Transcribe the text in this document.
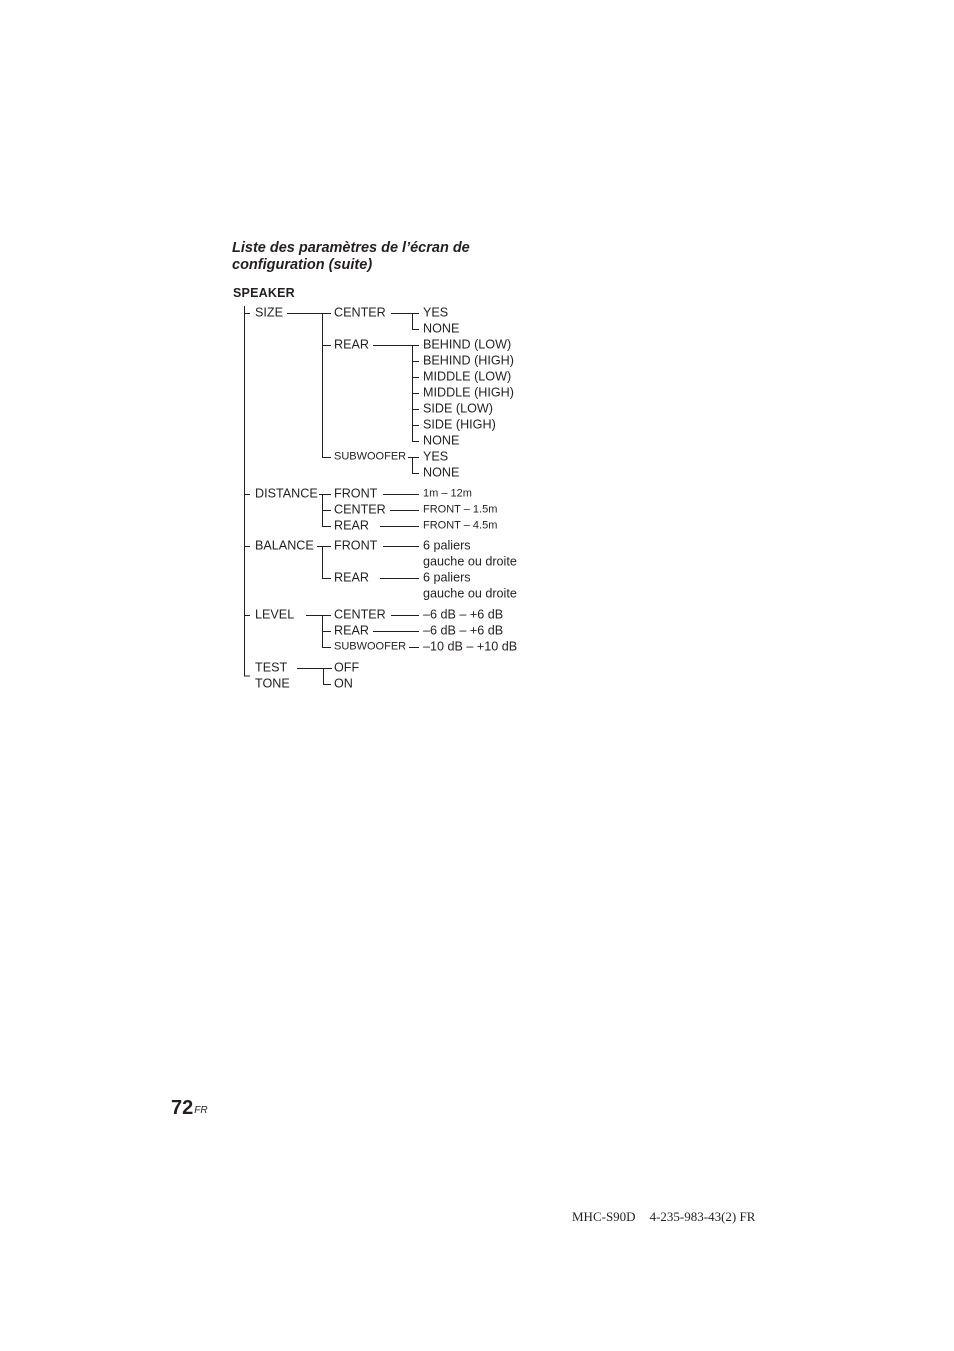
Liste des paramètres de l’écran de
configuration (suite)
SPEAKER
SIZE
DISTANCE
BALANCE
LEVEL
TEST
TONE
CENTER
REAR
SUBWOOFER
YES
NONE
BEHIND (LOW)
BEHIND (HIGH)
MIDDLE (LOW)
MIDDLE (HIGH)
SIDE (LOW)
SIDE (HIGH)
NONE
YES
NONE
FRONT
CENTER
REAR
1m – 12m
FRONT – 1.5m
FRONT – 4.5m
FRONT
REAR
6 paliers
gauche ou droite
6 paliers
gauche ou droite
CENTER
REAR
SUBWOOFER
–6 dB – +6 dB
–6 dB – +6 dB
–10 dB – +10 dB
OFF
ON
$72^{FR}$
MHC-S90D 4-235-983-43(2) FR
